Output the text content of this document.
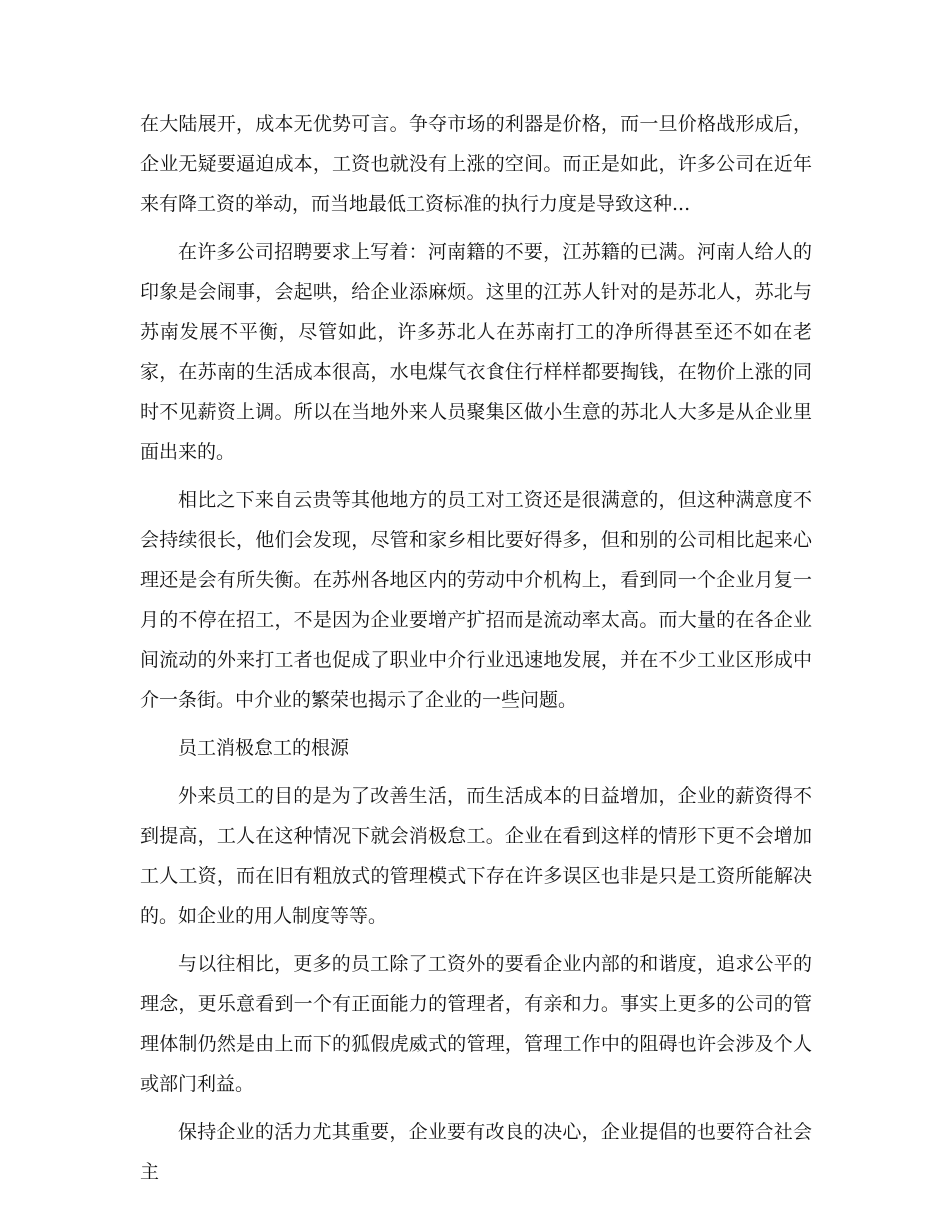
在大陆展开，成本无优势可言。争夺市场的利器是价格，而一旦价格战形成后，企业无疑要逼迫成本，工资也就没有上涨的空间。而正是如此，许多公司在近年来有降工资的举动，而当地最低工资标准的执行力度是导致这种...

在许多公司招聘要求上写着：河南籍的不要，江苏籍的已满。河南人给人的印象是会闹事，会起哄，给企业添麻烦。这里的江苏人针对的是苏北人，苏北与苏南发展不平衡，尽管如此，许多苏北人在苏南打工的净所得甚至还不如在老家，在苏南的生活成本很高，水电煤气衣食住行样样都要掏钱，在物价上涨的同时不见薪资上调。所以在当地外来人员聚集区做小生意的苏北人大多是从企业里面出来的。

相比之下来自云贵等其他地方的员工对工资还是很满意的，但这种满意度不会持续很长，他们会发现，尽管和家乡相比要好得多，但和别的公司相比起来心理还是会有所失衡。在苏州各地区内的劳动中介机构上，看到同一个企业月复一月的不停在招工，不是因为企业要增产扩招而是流动率太高。而大量的在各企业间流动的外来打工者也促成了职业中介行业迅速地发展，并在不少工业区形成中介一条街。中介业的繁荣也揭示了企业的一些问题。

员工消极怠工的根源

外来员工的目的是为了改善生活，而生活成本的日益增加，企业的薪资得不到提高，工人在这种情况下就会消极怠工。企业在看到这样的情形下更不会增加工人工资，而在旧有粗放式的管理模式下存在许多误区也非是只是工资所能解决的。如企业的用人制度等等。

与以往相比，更多的员工除了工资外的要看企业内部的和谐度，追求公平的理念，更乐意看到一个有正面能力的管理者，有亲和力。事实上更多的公司的管理体制仍然是由上而下的狐假虎威式的管理，管理工作中的阻碍也许会涉及个人或部门利益。

保持企业的活力尤其重要，企业要有改良的决心，企业提倡的也要符合社会主
